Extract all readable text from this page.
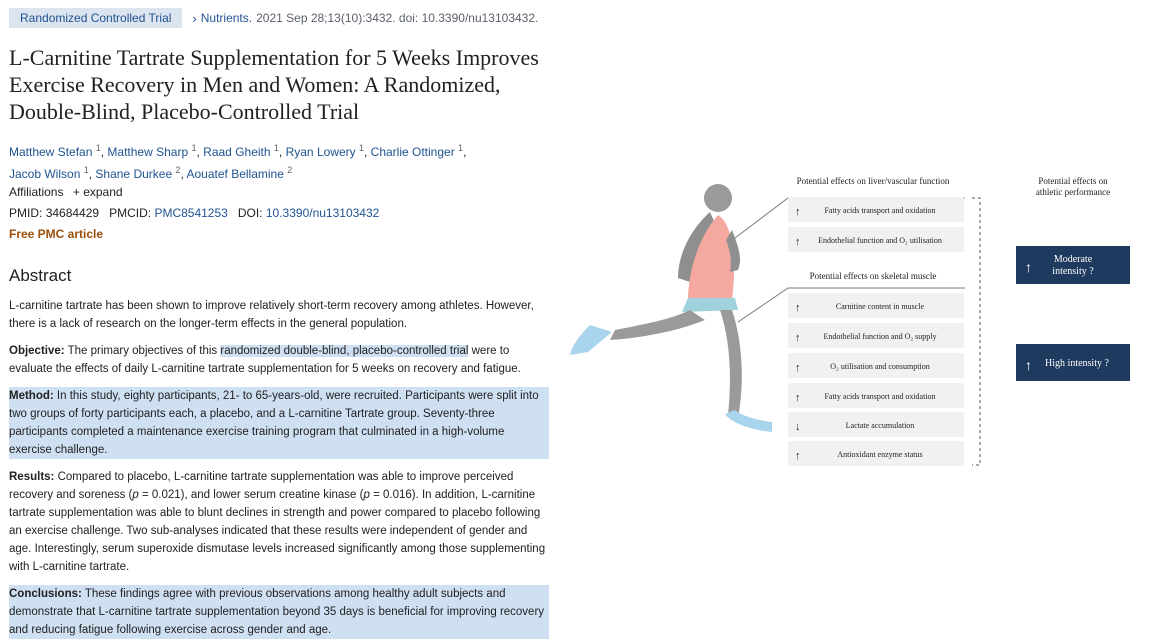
Randomized Controlled Trial	› Nutrients. 2021 Sep 28;13(10):3432. doi: 10.3390/nu13103432.
L-Carnitine Tartrate Supplementation for 5 Weeks Improves Exercise Recovery in Men and Women: A Randomized, Double-Blind, Placebo-Controlled Trial
Matthew Stefan $^1$, Matthew Sharp $^1$, Raad Gheith $^1$, Ryan Lowery $^1$, Charlie Ottinger $^1$,
Jacob Wilson $^1$, Shane Durkee $^2$, Aouatef Bellamine $^2$
Affiliations + expand
PMID: 34684429 PMCID: PMC8541253 DOI: 10.3390/nu13103432
Free PMC article
Abstract

L-carnitine tartrate has been shown to improve relatively short-term recovery among athletes. However, there is a lack of research on the longer-term effects in the general population.

Objective: The primary objectives of this randomized double-blind, placebo-controlled trial were to evaluate the effects of daily L-carnitine tartrate supplementation for 5 weeks on recovery and fatigue.

Method: In this study, eighty participants, 21- to 65-years-old, were recruited. Participants were split into two groups of forty participants each, a placebo, and a L-carnitine Tartrate group. Seventy-three participants completed a maintenance exercise training program that culminated in a high-volume exercise challenge.

Results: Compared to placebo, L-carnitine tartrate supplementation was able to improve perceived recovery and soreness (p = 0.021), and lower serum creatine kinase (p = 0.016). In addition, L-carnitine tartrate supplementation was able to blunt declines in strength and power compared to placebo following an exercise challenge. Two sub-analyses indicated that these results were independent of gender and age. Interestingly, serum superoxide dismutase levels increased significantly among those supplementing with L-carnitine tartrate.

Conclusions: These findings agree with previous observations among healthy adult subjects and demonstrate that L-carnitine tartrate supplementation beyond 35 days is beneficial for improving recovery and reducing fatigue following exercise across gender and age.

Potential effects on liver/vascular function
Potential effects on skeletal muscle
Potential effects on
athletic performance
↑	Fatty acids transport and oxidation
↑ Endothelial function and O₂ utilisation
↑	Carnitine content in muscle
↑	Endothelial function and O₂ supply
↑	O₂ utilisation and consumption
↑	Fatty acids transport and oxidation
↓	Lactate accumulation
↑	Antioxidant enzyme status
↑
Moderate
intensity ?
↑ High intensity ?
